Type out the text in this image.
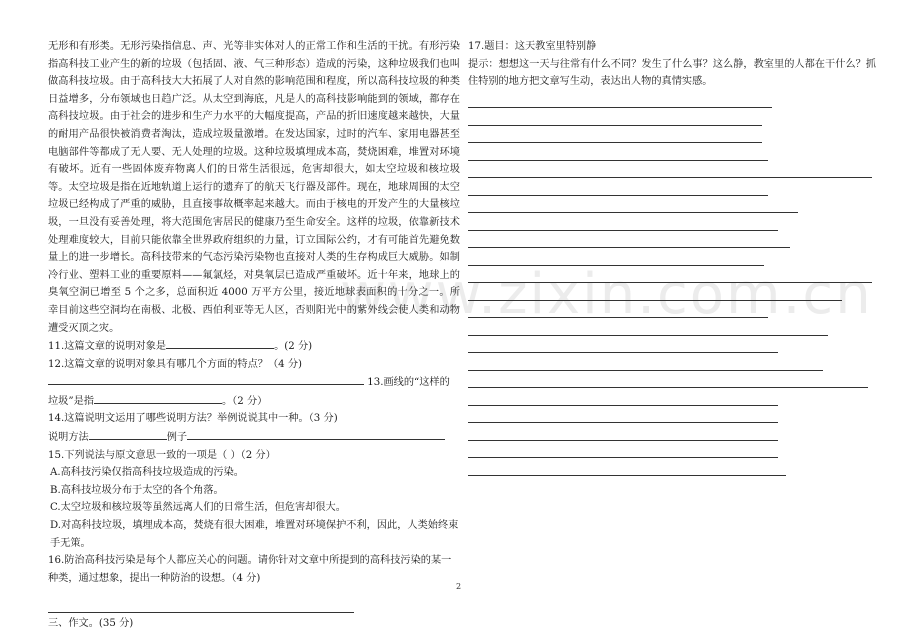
www.zixin.com.cn

无形和有形类。无形污染指信息、声、光等非实体对人的正常工作和生活的干扰。有形污染指高科技工业产生的新的垃圾（包括固、液、气三种形态）造成的污染，这种垃圾我们也叫做高科技垃圾。由于高科技大大拓展了人对自然的影响范围和程度，所以高科技垃圾的种类日益增多，分布领域也日趋广泛。从太空到海底，凡是人的高科技影响能到的领域，都存在高科技垃圾。由于社会的进步和生产力水平的大幅度提高，产品的折旧速度越来越快，大量的耐用产品很快被消费者淘汰，造成垃圾量激增。在发达国家，过时的汽车、家用电器甚至电脑部件等都成了无人要、无人处理的垃圾。这种垃圾填埋成本高，焚烧困难，堆置对环境有破坏。近有一些固体废弃物离人们的日常生活很远，危害却很大，如太空垃圾和核垃圾等。太空垃圾是指在近地轨道上运行的遗弃了的航天飞行器及部件。现在，地球周围的太空垃圾已经构成了严重的威胁，且直接事故概率起来越大。而由于核电的开发产生的大量核垃圾，一旦没有妥善处理，将大范围危害居民的健康乃至生命安全。这样的垃圾，依靠新技术处理难度较大，目前只能依靠全世界政府组织的力量，订立国际公约，才有可能首先避免数量上的进一步增长。高科技带来的气态污染污染物也直接对人类的生存构成巨大威胁。如制冷行业、塑料工业的重要原料——氟氯烃，对臭氧层已造成严重破坏。近十年来，地球上的臭氧空洞已增至 5 个之多，总面积近 4000 万平方公里，接近地球表面积的十分之一。所幸目前这些空洞均在南极、北极、西伯利亚等无人区，否则阳光中的紫外线会使人类和动物遭受灭顶之灾。

11.这篇文章的说明对象是	。(2 分)
12.这篇文章的说明对象具有哪几个方面的特点？（4 分)
13.画线的“这样的
垃圾”是指	。（2 分）
14.这篇说明文运用了哪些说明方法？举例说说其中一种。（3 分)
说明方法	例子
15.下列说法与原文意思一致的一项是（ ）（2 分）
A.高科技污染仅指高科技垃圾造成的污染。
B.高科技垃圾分布于太空的各个角落。
C.太空垃圾和核垃圾等虽然远离人们的日常生活，但危害却很大。
D.对高科技垃圾，填埋成本高，焚烧有很大困难，堆置对环境保护不利，因此，人类始终束手无策。
16.防治高科技污染是每个人都应关心的问题。请你针对文章中所提到的高科技污染的某一种类，通过想象，提出一种防治的设想。（4 分)
三、作文。(35 分)
17.题目：这天教室里特别静
提示：想想这一天与往常有什么不同？发生了什么事？这么静，教室里的人都在干什么？抓住特别的地方把文章写生动，表达出人物的真情实感。
2
